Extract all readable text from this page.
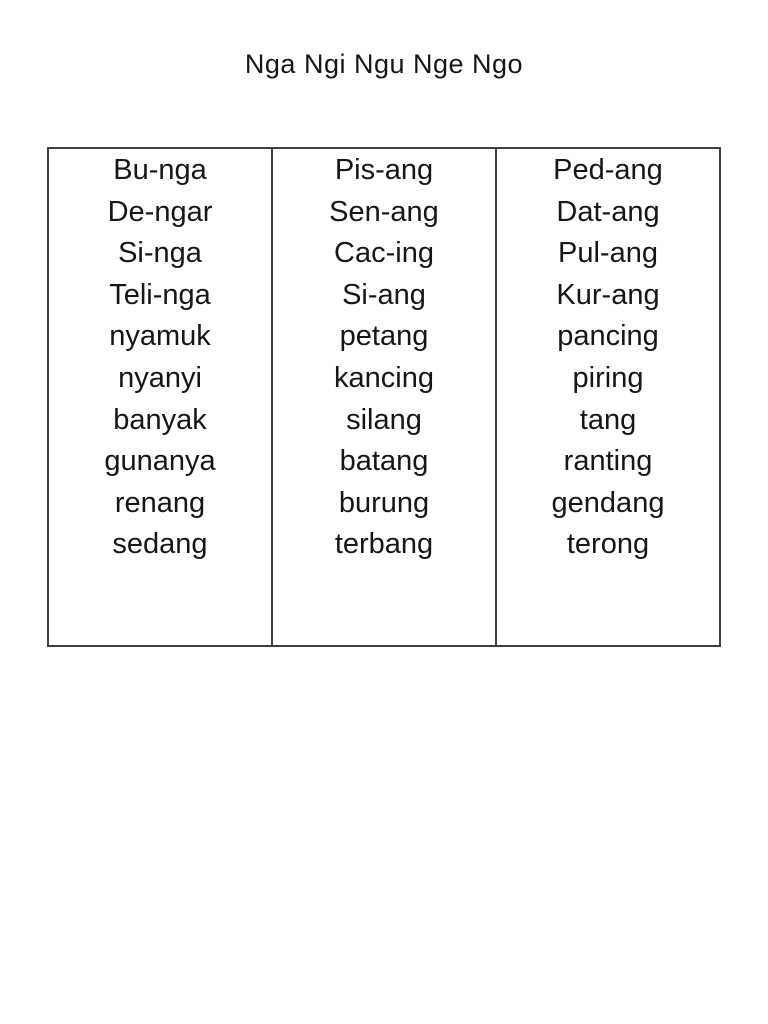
Nga Ngi Ngu Nge Ngo
Bu-nga
De-ngar
Si-nga
Teli-nga
nyamuk
nyanyi
banyak
gunanya
renang
sedang
Pis-ang
Sen-ang
Cac-ing
Si-ang
petang
kancing
silang
batang
burung
terbang
Ped-ang
Dat-ang
Pul-ang
Kur-ang
pancing
piring
tang
ranting
gendang
terong
